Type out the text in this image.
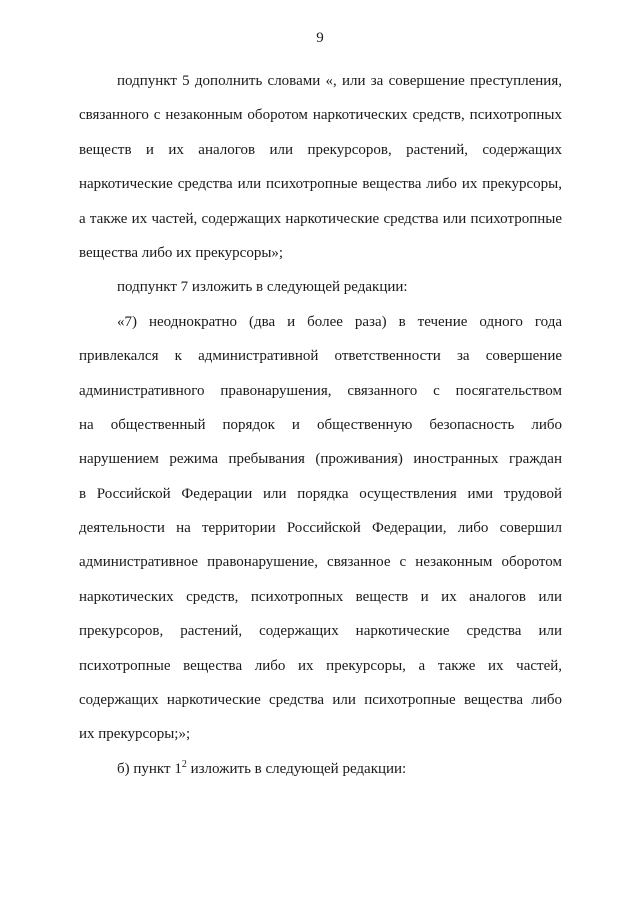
9
подпункт 5 дополнить словами «, или за совершение преступления,
связанного с незаконным оборотом наркотических средств, психотропных
веществ и их аналогов или прекурсоров, растений, содержащих
наркотические средства или психотропные вещества либо их прекурсоры,
а также их частей, содержащих наркотические средства или психотропные
вещества либо их прекурсоры»;
подпункт 7 изложить в следующей редакции:
«7) неоднократно (два и более раза) в течение одного года
привлекался к административной ответственности за совершение
административного правонарушения, связанного с посягательством
на общественный порядок и общественную безопасность либо
нарушением режима пребывания (проживания) иностранных граждан
в Российской Федерации или порядка осуществления ими трудовой
деятельности на территории Российской Федерации, либо совершил
административное правонарушение, связанное с незаконным оборотом
наркотических средств, психотропных веществ и их аналогов или
прекурсоров, растений, содержащих наркотические средства или
психотропные вещества либо их прекурсоры, а также их частей,
содержащих наркотические средства или психотропные вещества либо
их прекурсоры;»;
б) пункт $1^2$ изложить в следующей редакции:
